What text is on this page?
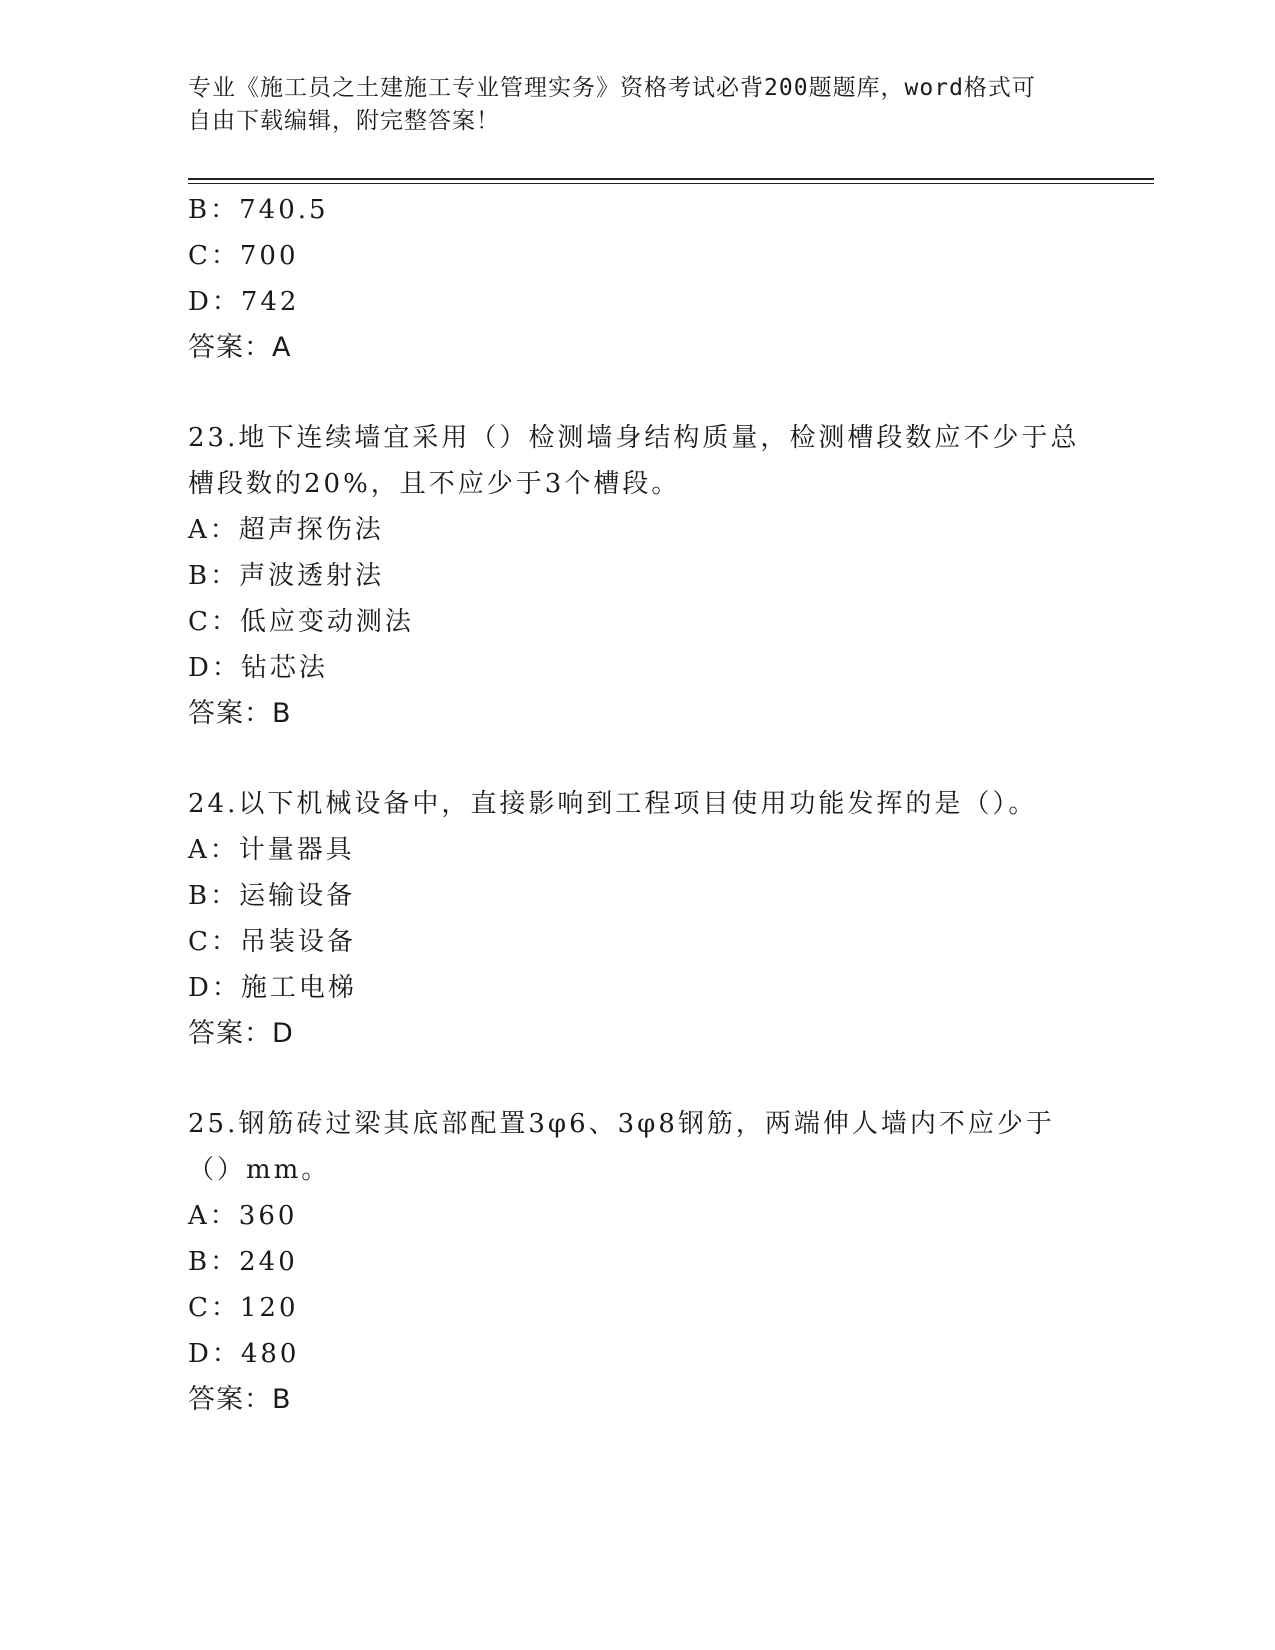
专业《施工员之土建施工专业管理实务》资格考试必背200题题库，word格式可
自由下载编辑，附完整答案！
B：740.5
C：700
D：742
答案：A
23.地下连续墙宜采用（）检测墙身结构质量，检测槽段数应不少于总
槽段数的20%，且不应少于3个槽段。
A：超声探伤法
B：声波透射法
C：低应变动测法
D：钻芯法
答案：B
24.以下机械设备中，直接影响到工程项目使用功能发挥的是（）。
A：计量器具
B：运输设备
C：吊装设备
D：施工电梯
答案：D
25.钢筋砖过梁其底部配置3φ6、3φ8钢筋，两端伸人墙内不应少于
（）mm。
A：360
B：240
C：120
D：480
答案：B
